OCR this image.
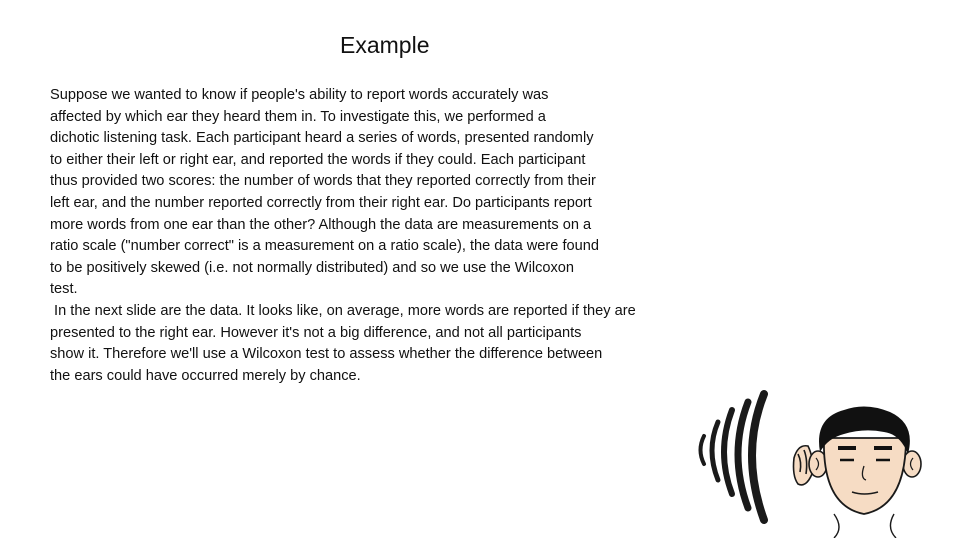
Example
Suppose we wanted to know if people's ability to report words accurately was
affected by which ear they heard them in. To investigate this, we performed a
dichotic listening task. Each participant heard a series of words, presented randomly
to either their left or right ear, and reported the words if they could. Each participant
thus provided two scores: the number of words that they reported correctly from their
left ear, and the number reported correctly from their right ear. Do participants report
more words from one ear than the other? Although the data are measurements on a
ratio scale ("number correct" is a measurement on a ratio scale), the data were found
to be positively skewed (i.e. not normally distributed) and so we use the Wilcoxon
test.
In the next slide are the data. It looks like, on average, more words are reported if they are
presented to the right ear. However it's not a big difference, and not all participants
show it. Therefore we'll use a Wilcoxon test to assess whether the difference between
the ears could have occurred merely by chance.
